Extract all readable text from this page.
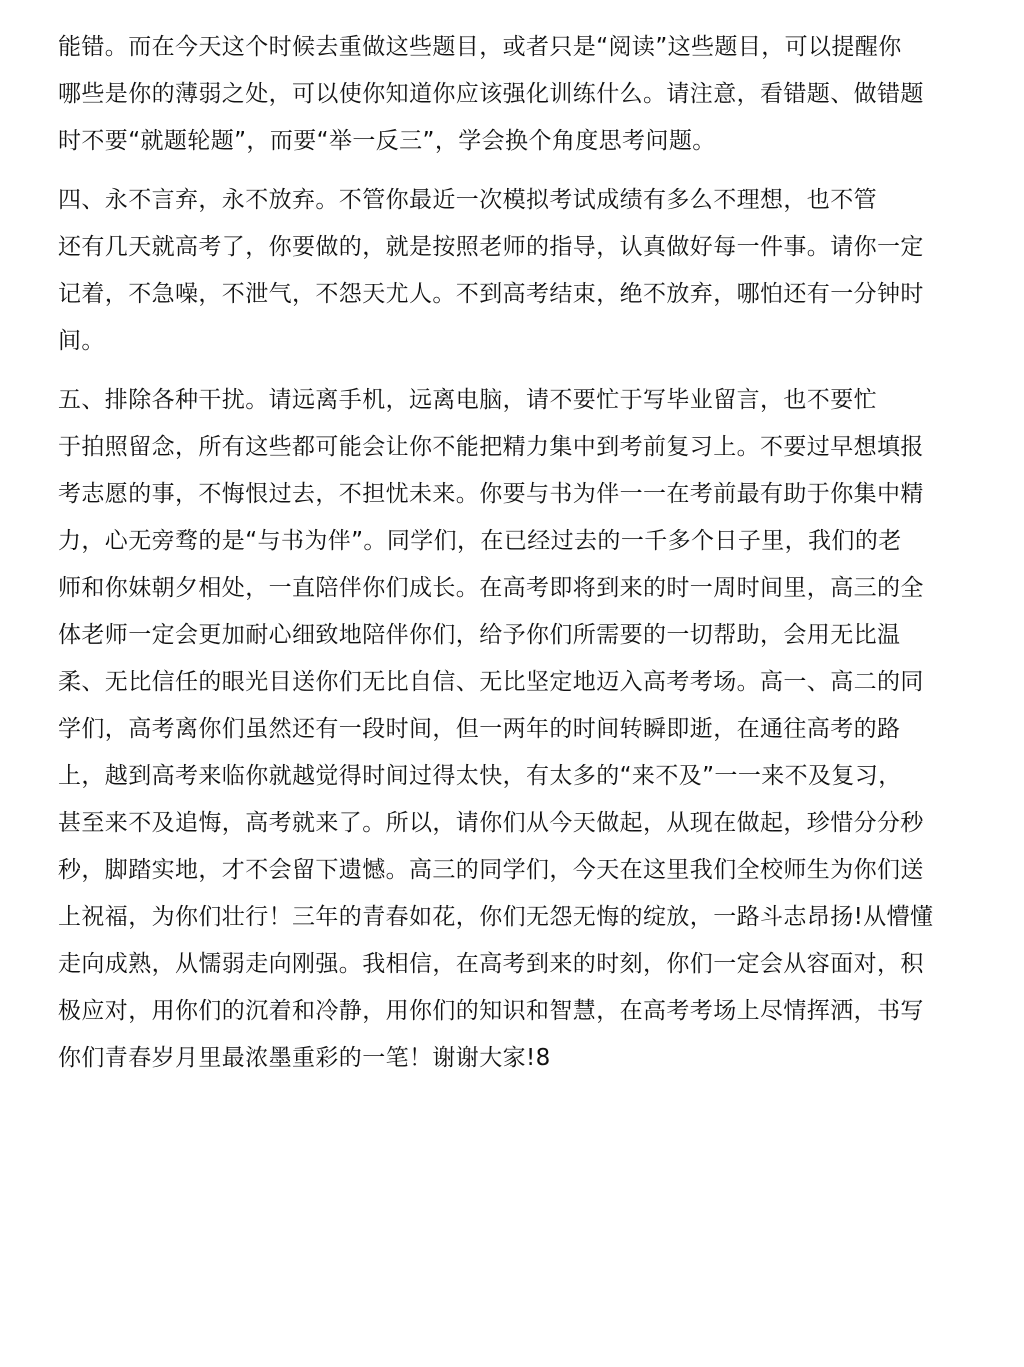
能错。而在今天这个时候去重做这些题目，或者只是“阅读”这些题目，可以提醒你
哪些是你的薄弱之处，可以使你知道你应该强化训练什么。请注意，看错题、做错题
时不要“就题轮题”，而要“举一反三”，学会换个角度思考问题。
四、永不言弃，永不放弃。不管你最近一次模拟考试成绩有多么不理想，也不管
还有几天就高考了，你要做的，就是按照老师的指导，认真做好每一件事。请你一定
记着，不急噪，不泄气，不怨天尤人。不到高考结束，绝不放弃，哪怕还有一分钟时
间。
五、排除各种干扰。请远离手机，远离电脑，请不要忙于写毕业留言，也不要忙
于拍照留念，所有这些都可能会让你不能把精力集中到考前复习上。不要过早想填报
考志愿的事，不悔恨过去，不担忧未来。你要与书为伴一一在考前最有助于你集中精
力，心无旁骛的是“与书为伴”。同学们，在已经过去的一千多个日子里，我们的老
师和你妹朝夕相处，一直陪伴你们成长。在高考即将到来的时一周时间里，高三的全
体老师一定会更加耐心细致地陪伴你们，给予你们所需要的一切帮助，会用无比温
柔、无比信任的眼光目送你们无比自信、无比坚定地迈入高考考场。高一、高二的同
学们，高考离你们虽然还有一段时间，但一两年的时间转瞬即逝，在通往高考的路
上，越到高考来临你就越觉得时间过得太快，有太多的“来不及”一一来不及复习，
甚至来不及追悔，高考就来了。所以，请你们从今天做起，从现在做起，珍惜分分秒
秒，脚踏实地，才不会留下遗憾。高三的同学们，今天在这里我们全校师生为你们送
上祝福，为你们壮行！三年的青春如花，你们无怨无悔的绽放，一路斗志昂扬!从懵懂
走向成熟，从懦弱走向刚强。我相信，在高考到来的时刻，你们一定会从容面对，积
极应对，用你们的沉着和冷静，用你们的知识和智慧，在高考考场上尽情挥洒，书写
你们青春岁月里最浓墨重彩的一笔！谢谢大家!8
